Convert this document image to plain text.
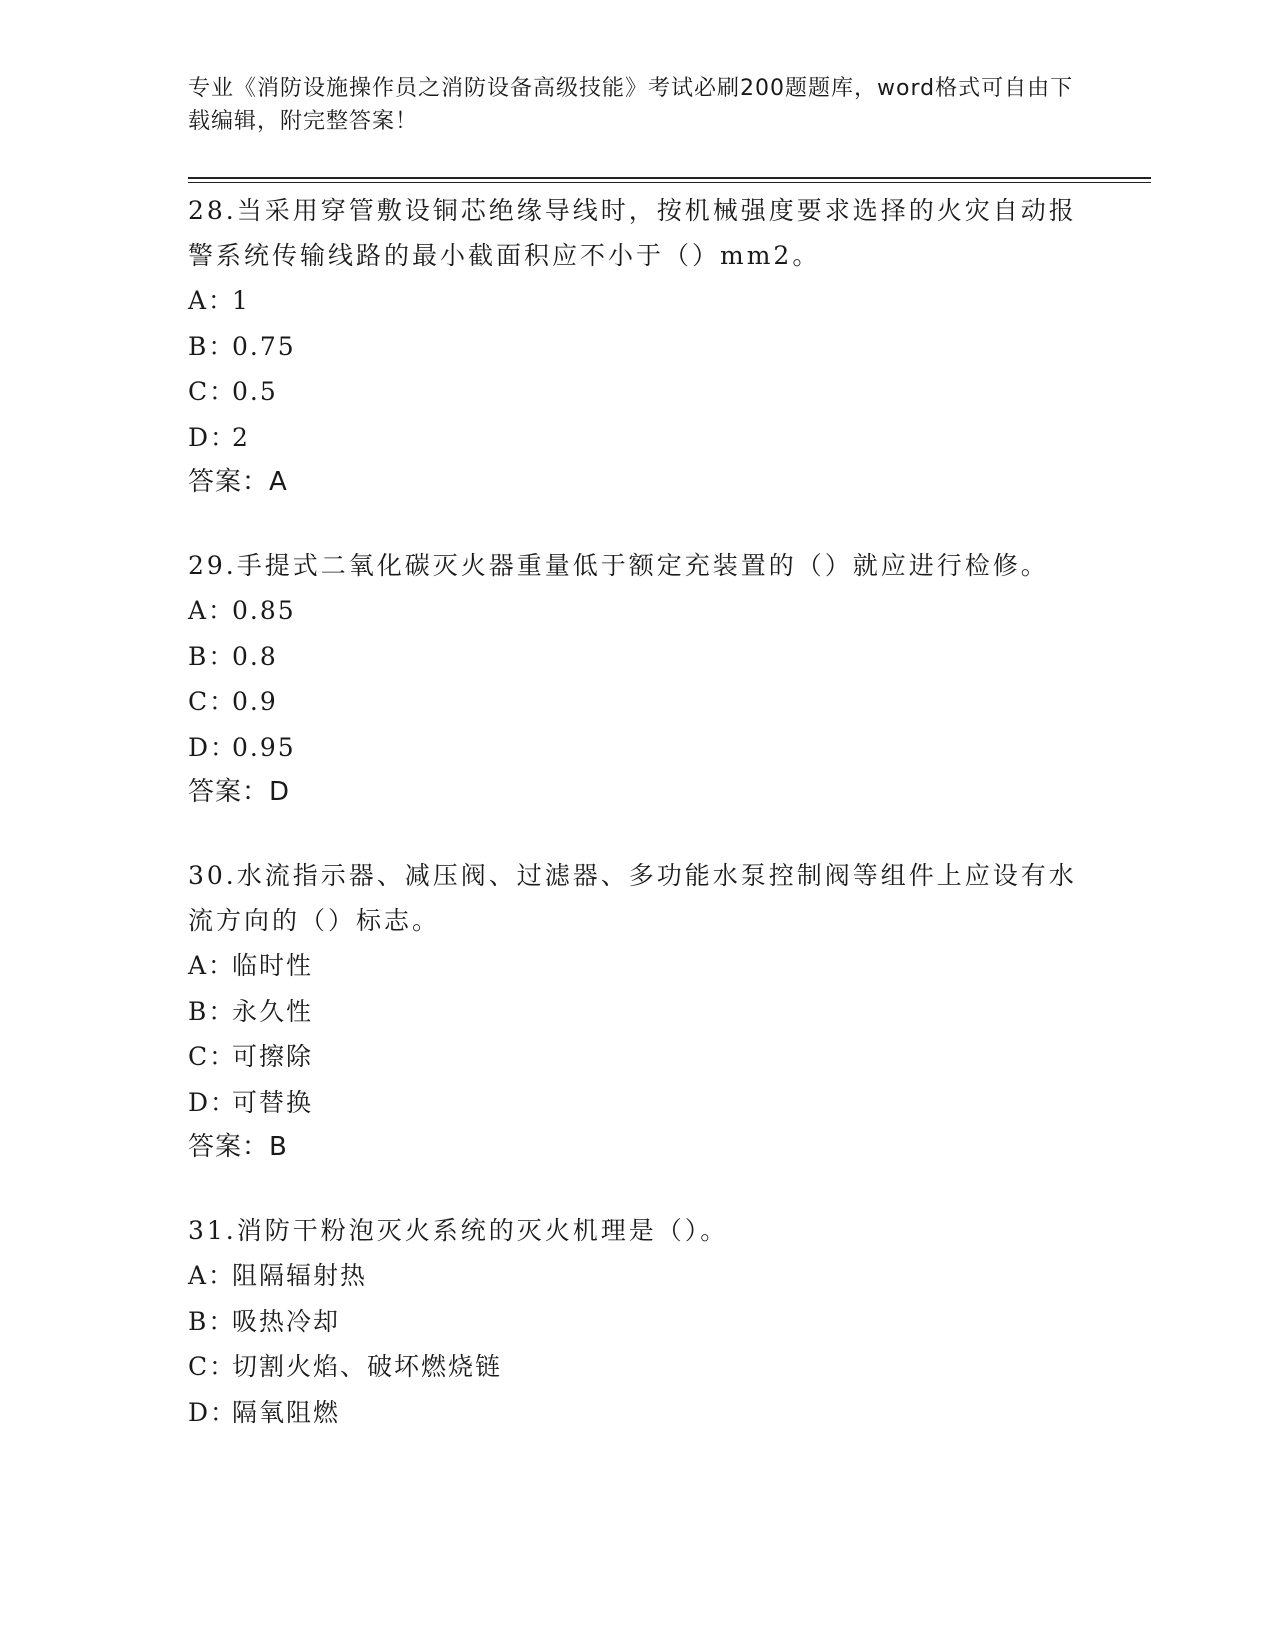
专业《消防设施操作员之消防设备高级技能》考试必刷200题题库，word格式可自由下载编辑，附完整答案！
28.当采用穿管敷设铜芯绝缘导线时，按机械强度要求选择的火灾自动报警系统传输线路的最小截面积应不小于（）mm2。
A：1
B：0.75
C：0.5
D：2
答案：A
29.手提式二氧化碳灭火器重量低于额定充装置的（）就应进行检修。
A：0.85
B：0.8
C：0.9
D：0.95
答案：D
30.水流指示器、减压阀、过滤器、多功能水泵控制阀等组件上应设有水流方向的（）标志。
A：临时性
B：永久性
C：可擦除
D：可替换
答案：B
31.消防干粉泡灭火系统的灭火机理是（）。
A：阻隔辐射热
B：吸热冷却
C：切割火焰、破坏燃烧链
D：隔氧阻燃
